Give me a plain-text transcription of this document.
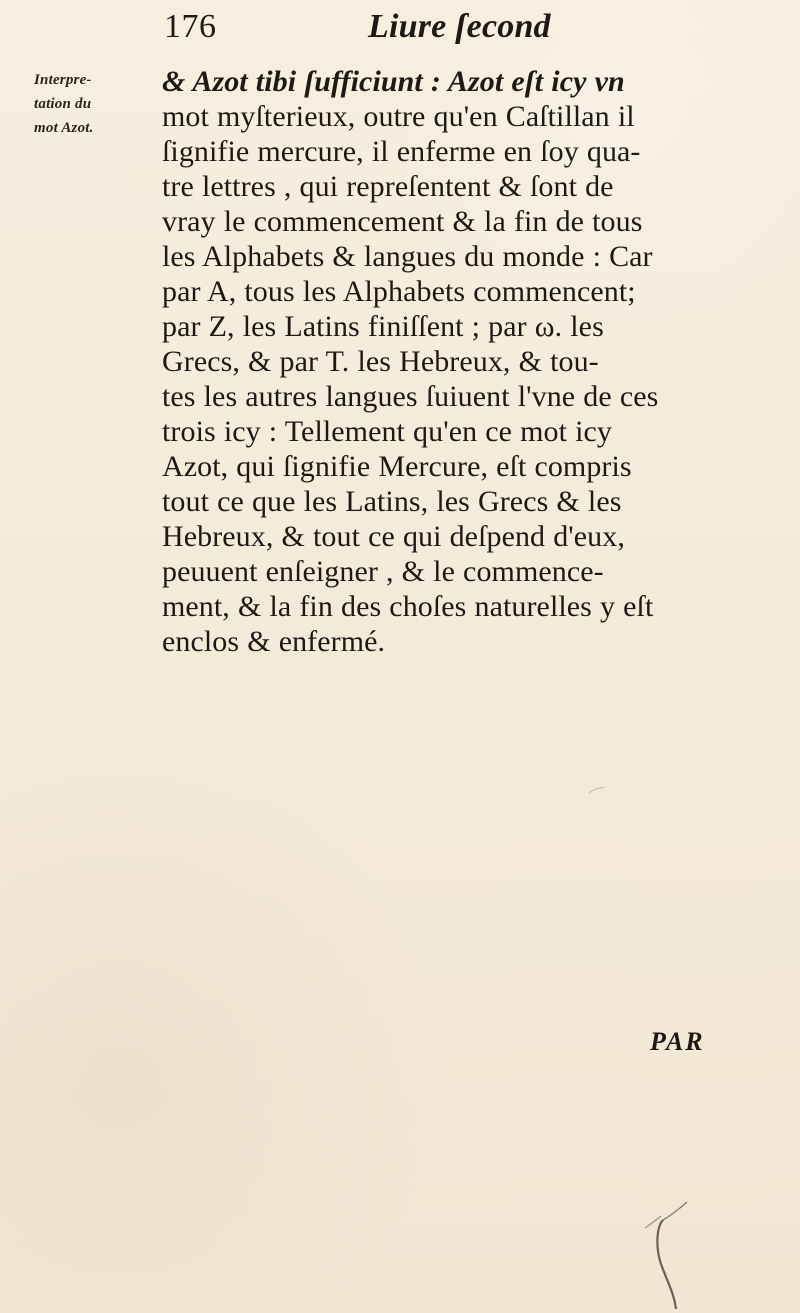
176	Liure ſecond
Interpre-
tation du
mot Azot.
& Azot tibi ſufficiunt : Azot eſt icy vn
mot myſterieux, outre qu'en Caſtillan il
ſignifie mercure, il enferme en ſoy qua-
tre lettres , qui repreſentent & ſont de
vray le commencement & la fin de tous
les Alphabets & langues du monde : Car
par A, tous les Alphabets commencent;
par Z, les Latins finiſſent ; par ω. les
Grecs, & par T. les Hebreux, & tou-
tes les autres langues ſuiuent l'vne de ces
trois icy : Tellement qu'en ce mot icy
Azot, qui ſignifie Mercure, eſt compris
tout ce que les Latins, les Grecs & les
Hebreux, & tout ce qui deſpend d'eux,
peuuent enſeigner , & le commence-
ment, & la fin des choſes naturelles y eſt
enclos & enfermé.
PAR
